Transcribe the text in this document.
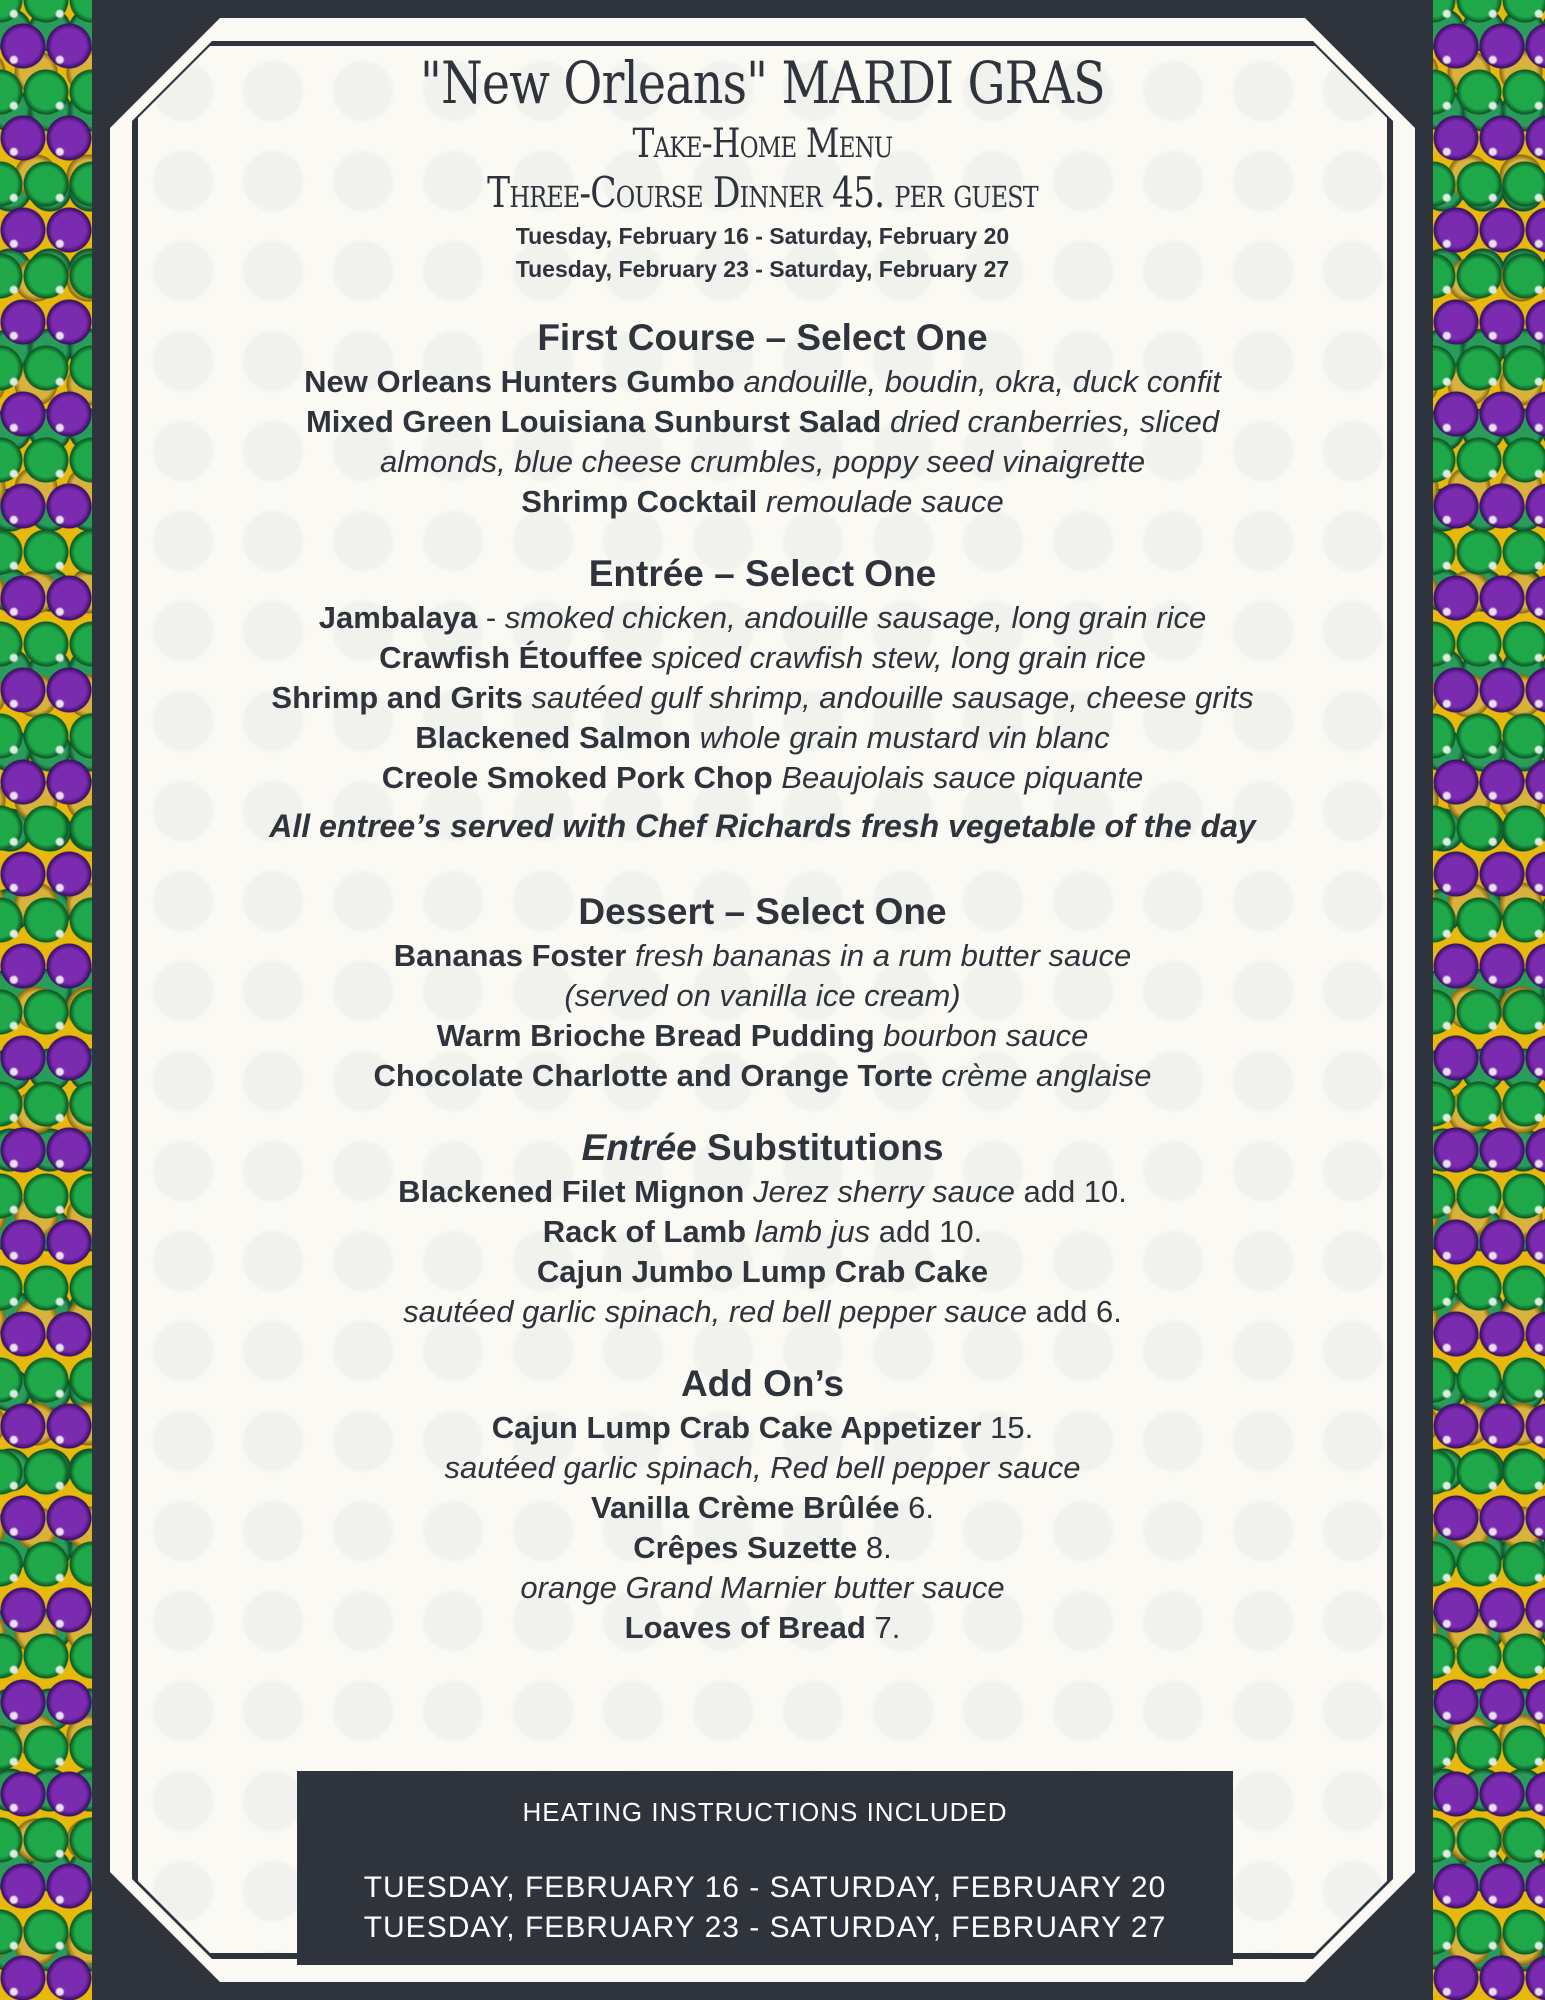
"New Orleans" MARDI GRAS
Take-Home Menu
Three-Course Dinner 45. per guest
Tuesday, February 16 - Saturday, February 20
Tuesday, February 23 - Saturday, February 27
First Course – Select One

New Orleans Hunters Gumbo andouille, boudin, okra, duck confit

Mixed Green Louisiana Sunburst Salad dried cranberries, sliced

almonds, blue cheese crumbles, poppy seed vinaigrette

Shrimp Cocktail remoulade sauce

Entrée – Select One

Jambalaya - smoked chicken, andouille sausage, long grain rice

Crawfish Étouffee spiced crawfish stew, long grain rice

Shrimp and Grits sautéed gulf shrimp, andouille sausage, cheese grits

Blackened Salmon whole grain mustard vin blanc

Creole Smoked Pork Chop Beaujolais sauce piquante

All entree’s served with Chef Richards fresh vegetable of the day
Dessert – Select One

Bananas Foster fresh bananas in a rum butter sauce

(served on vanilla ice cream)

Warm Brioche Bread Pudding bourbon sauce

Chocolate Charlotte and Orange Torte crème anglaise

Entrée Substitutions

Blackened Filet Mignon Jerez sherry sauce add 10.

Rack of Lamb lamb jus add 10.

Cajun Jumbo Lump Crab Cake

sautéed garlic spinach, red bell pepper sauce add 6.

Add On’s

Cajun Lump Crab Cake Appetizer 15.

sautéed garlic spinach, Red bell pepper sauce

Vanilla Crème Brûlée 6.

Crêpes Suzette 8.

orange Grand Marnier butter sauce

Loaves of Bread 7.

HEATING INSTRUCTIONS INCLUDED
TUESDAY, FEBRUARY 16 - SATURDAY, FEBRUARY 20
TUESDAY, FEBRUARY 23 - SATURDAY, FEBRUARY 27
